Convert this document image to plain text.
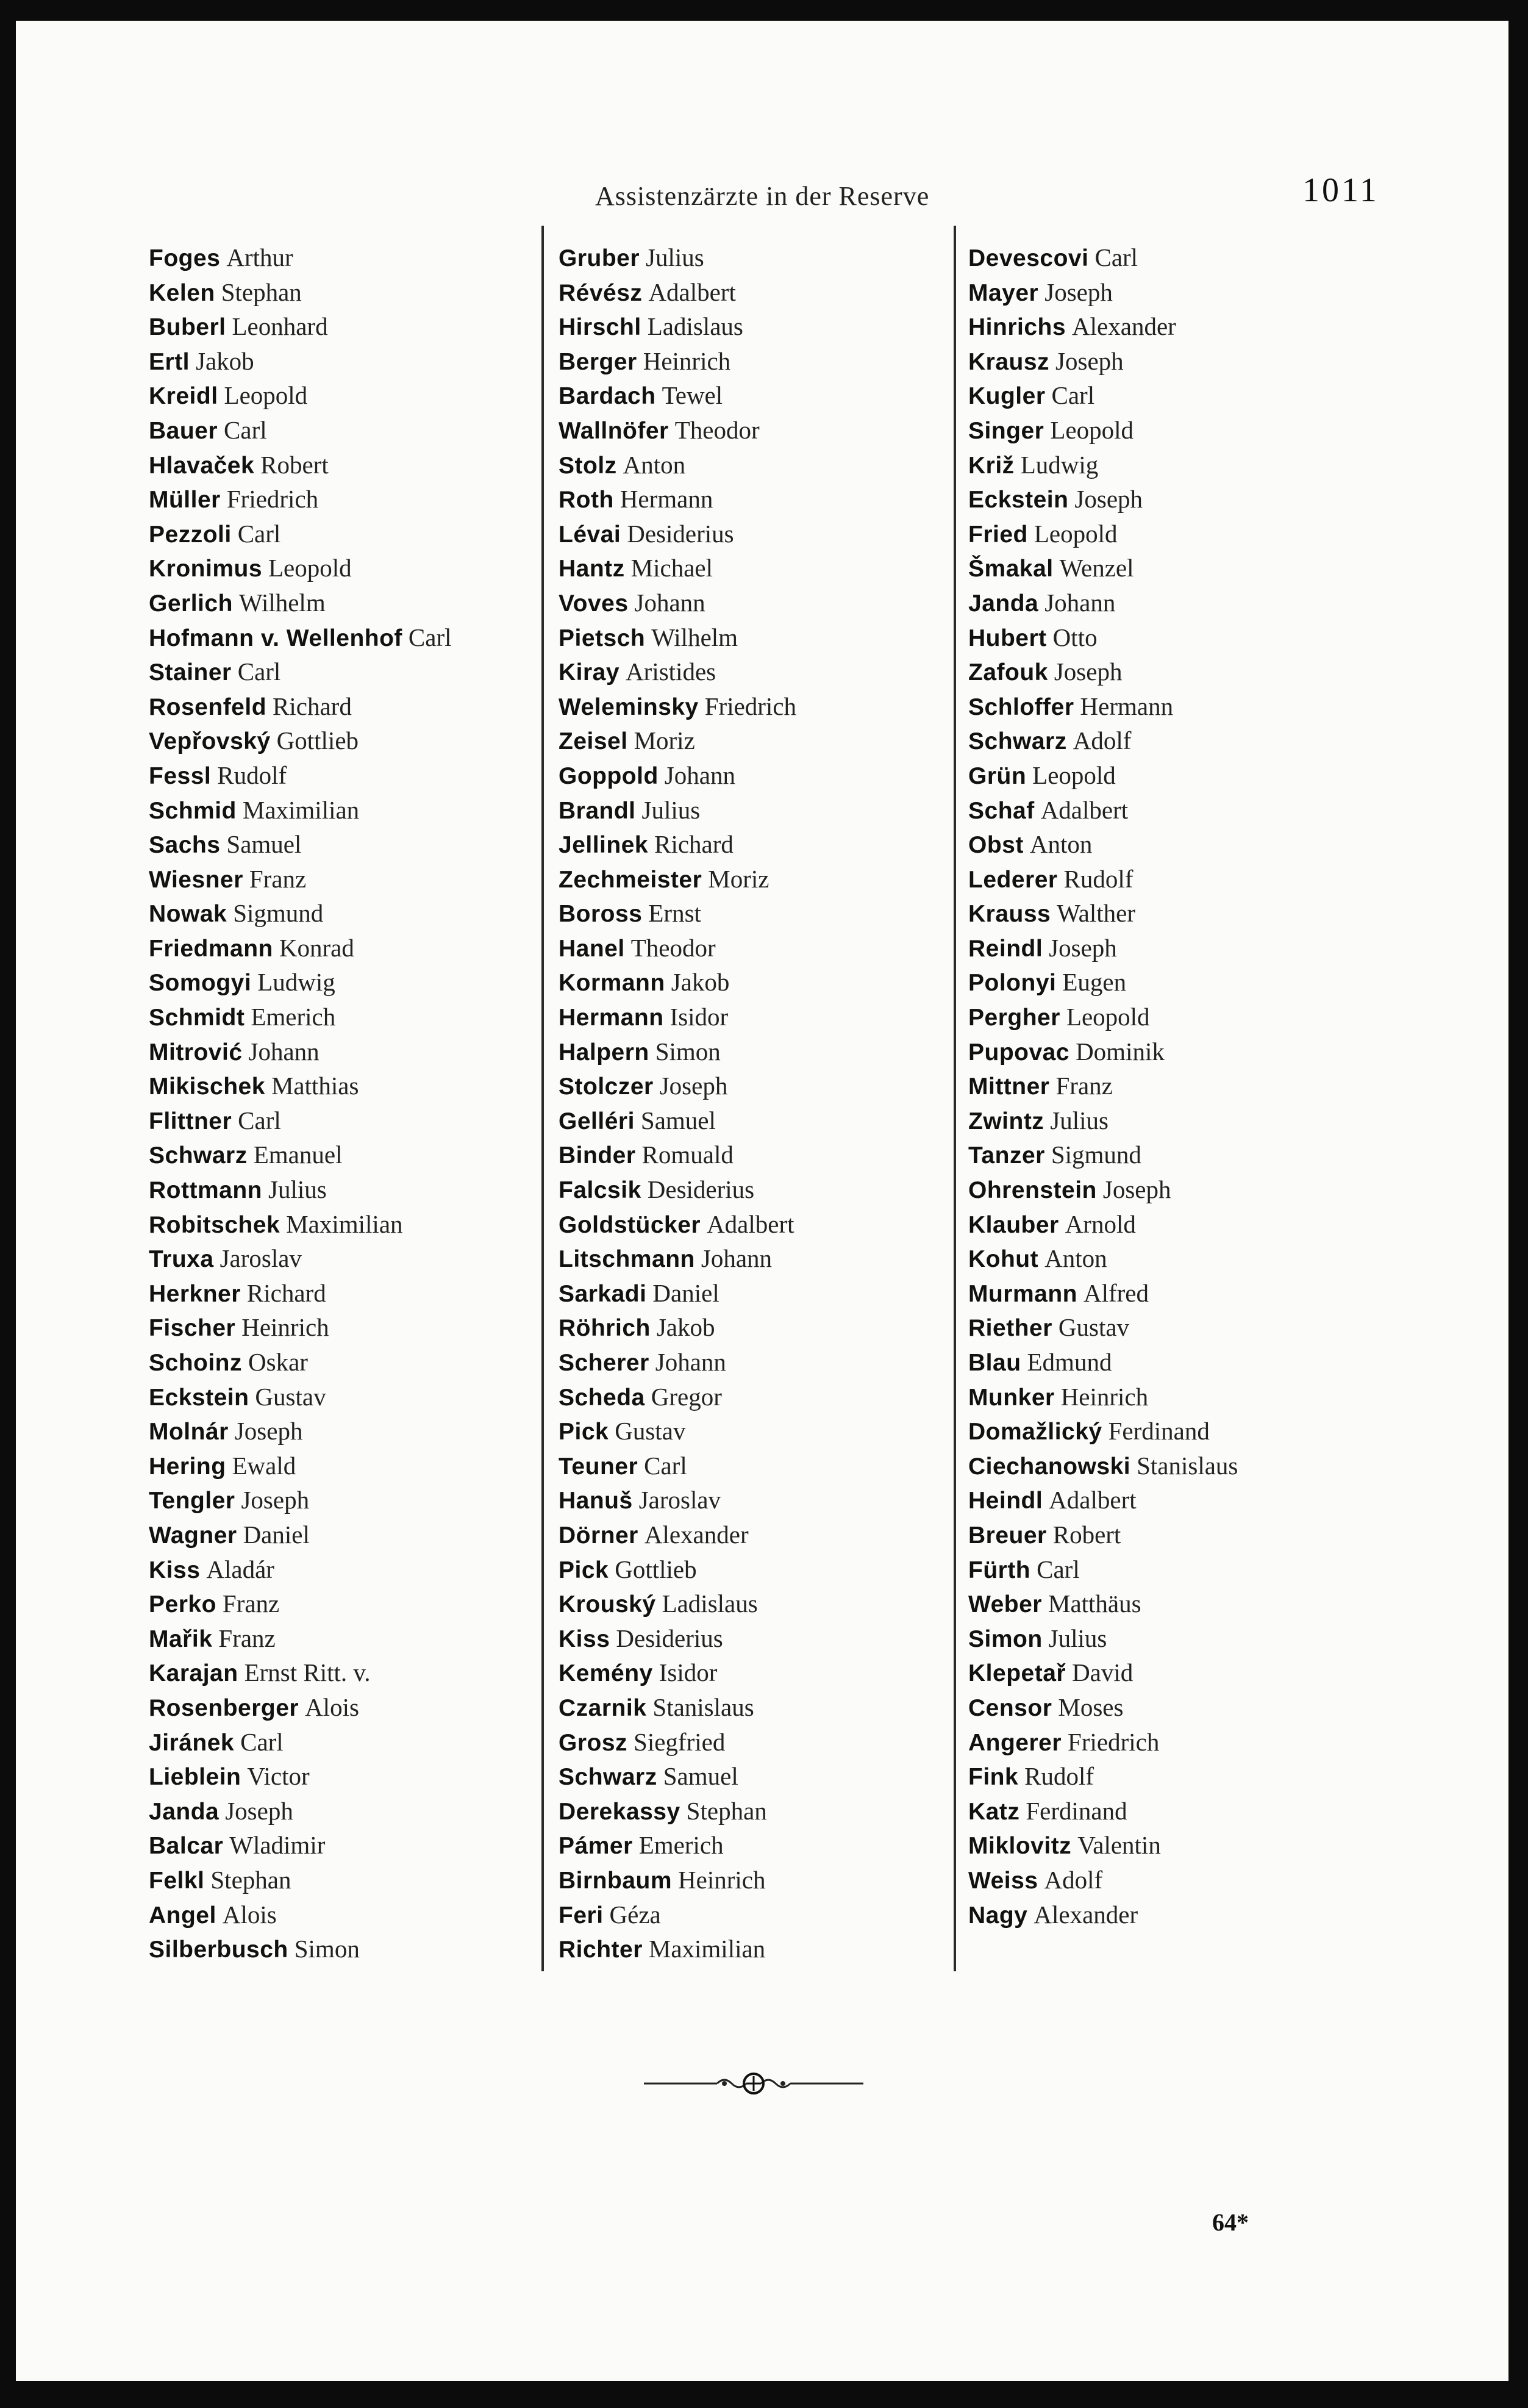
Assistenzärzte in der Reserve	1011
Foges Arthur
Kelen Stephan
Buberl Leonhard
Ertl Jakob
Kreidl Leopold
Bauer Carl
Hlavaček Robert
Müller Friedrich
Pezzoli Carl
Kronimus Leopold
Gerlich Wilhelm
Hofmann v. Wellenhof Carl
Stainer Carl
Rosenfeld Richard
Vepřovský Gottlieb
Fessl Rudolf
Schmid Maximilian
Sachs Samuel
Wiesner Franz
Nowak Sigmund
Friedmann Konrad
Somogyi Ludwig
Schmidt Emerich
Mitrović Johann
Mikischek Matthias
Flittner Carl
Schwarz Emanuel
Rottmann Julius
Robitschek Maximilian
Truxa Jaroslav
Herkner Richard
Fischer Heinrich
Schoinz Oskar
Eckstein Gustav
Molnár Joseph
Hering Ewald
Tengler Joseph
Wagner Daniel
Kiss Aladár
Perko Franz
Mařik Franz
Karajan Ernst Ritt. v.
Rosenberger Alois
Jiránek Carl
Lieblein Victor
Janda Joseph
Balcar Wladimir
Felkl Stephan
Angel Alois
Silberbusch Simon
Gruber Julius
Révész Adalbert
Hirschl Ladislaus
Berger Heinrich
Bardach Tewel
Wallnöfer Theodor
Stolz Anton
Roth Hermann
Lévai Desiderius
Hantz Michael
Voves Johann
Pietsch Wilhelm
Kiray Aristides
Weleminsky Friedrich
Zeisel Moriz
Goppold Johann
Brandl Julius
Jellinek Richard
Zechmeister Moriz
Boross Ernst
Hanel Theodor
Kormann Jakob
Hermann Isidor
Halpern Simon
Stolczer Joseph
Gelléri Samuel
Binder Romuald
Falcsik Desiderius
Goldstücker Adalbert
Litschmann Johann
Sarkadi Daniel
Röhrich Jakob
Scherer Johann
Scheda Gregor
Pick Gustav
Teuner Carl
Hanuš Jaroslav
Dörner Alexander
Pick Gottlieb
Krouský Ladislaus
Kiss Desiderius
Kemény Isidor
Czarnik Stanislaus
Grosz Siegfried
Schwarz Samuel
Derekassy Stephan
Pámer Emerich
Birnbaum Heinrich
Feri Géza
Richter Maximilian
Devescovi Carl
Mayer Joseph
Hinrichs Alexander
Krausz Joseph
Kugler Carl
Singer Leopold
Križ Ludwig
Eckstein Joseph
Fried Leopold
Šmakal Wenzel
Janda Johann
Hubert Otto
Zafouk Joseph
Schloffer Hermann
Schwarz Adolf
Grün Leopold
Schaf Adalbert
Obst Anton
Lederer Rudolf
Krauss Walther
Reindl Joseph
Polonyi Eugen
Pergher Leopold
Pupovac Dominik
Mittner Franz
Zwintz Julius
Tanzer Sigmund
Ohrenstein Joseph
Klauber Arnold
Kohut Anton
Murmann Alfred
Riether Gustav
Blau Edmund
Munker Heinrich
Domažlický Ferdinand
Ciechanowski Stanislaus
Heindl Adalbert
Breuer Robert
Fürth Carl
Weber Matthäus
Simon Julius
Klepetař David
Censor Moses
Angerer Friedrich
Fink Rudolf
Katz Ferdinand
Miklovitz Valentin
Weiss Adolf
Nagy Alexander
64*
